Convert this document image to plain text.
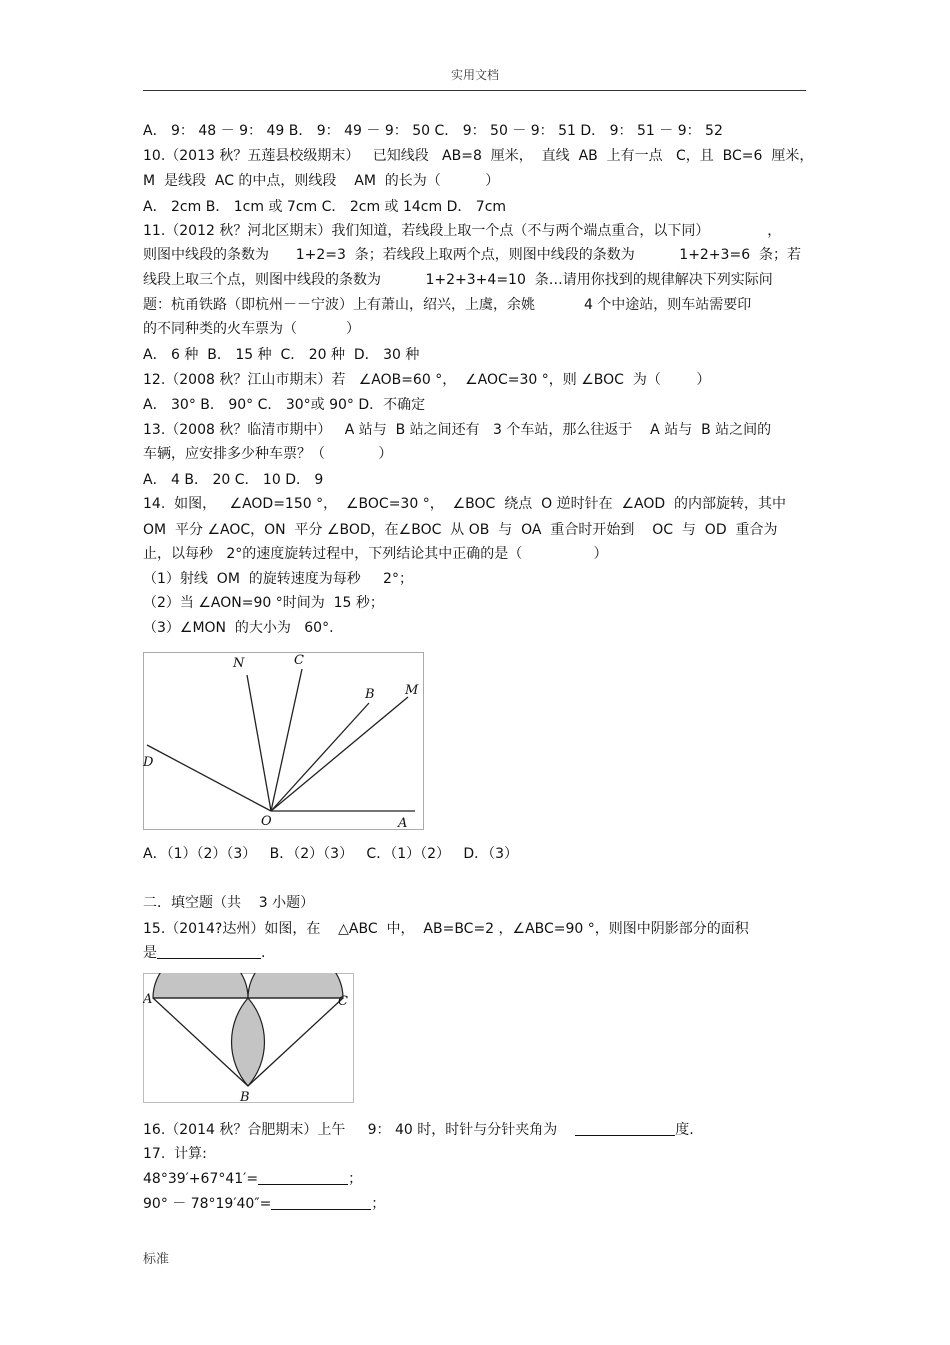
实用文档
A． 9： 48 － 9： 49 B． 9： 49 － 9： 50 C． 9： 50 － 9： 51 D． 9： 51 － 9： 52
10.（2013 秋？五莲县校级期末）   已知线段   AB=8  厘米，  直线  AB  上有一点   C，且  BC=6  厘米，
M  是线段  AC 的中点，则线段    AM  的长为（          ）
A． 2cm B． 1cm 或 7cm C． 2cm 或 14cm D． 7cm
11.（2012 秋？河北区期末）我们知道，若线段上取一个点（不与两个端点重合，以下同）             ，
则图中线段的条数为      1+2=3  条；若线段上取两个点，则图中线段的条数为          1+2+3=6  条；若
线段上取三个点，则图中线段的条数为          1+2+3+4=10  条…请用你找到的规律解决下列实际问
题：杭甬铁路（即杭州－－宁波）上有萧山，绍兴，上虞，余姚           4 个中途站，则车站需要印
的不同种类的火车票为（           ）
A． 6 种  B． 15 种  C． 20 种  D． 30 种
12.（2008 秋？江山市期末）若   ∠AOB=60 °，  ∠AOC=30 °，则 ∠BOC  为（        ）
A． 30° B． 90° C． 30°或 90° D．不确定
13.（2008 秋？临清市期中）   A 站与  B 站之间还有   3 个车站，那么往返于    A 站与  B 站之间的
车辆，应安排多少种车票？（            ）
A． 4 B． 20 C． 10 D． 9
14.  如图，   ∠AOD=150 °，  ∠BOC=30 °，  ∠BOC  绕点  O 逆时针在  ∠AOD  的内部旋转，其中
OM  平分 ∠AOC，ON  平分 ∠BOD，在∠BOC  从 OB  与  OA  重合时开始到    OC  与  OD  重合为
止，以每秒   2°的速度旋转过程中，下列结论其中正确的是（                ）
（1）射线  OM  的旋转速度为每秒     2°；
（2）当 ∠AON=90 °时间为  15 秒；
（3）∠MON  的大小为   60°.
N	C
B M
D
O	A
A．（1）（2）（3）   B．（2）（3）   C．（1）（2）   D．（3）
二．填空题（共    3 小题）
15.（2014?达州）如图，在    △ABC  中，  AB=BC=2 ，∠ABC=90 °，则图中阴影部分的面积
是	.
A	C
B
16.（2014 秋？合肥期末）上午     9： 40 时，时针与分针夹角为	度.
17.  计算:
48°39′+67°41′=	；
90° － 78°19′40″=	；
标准
